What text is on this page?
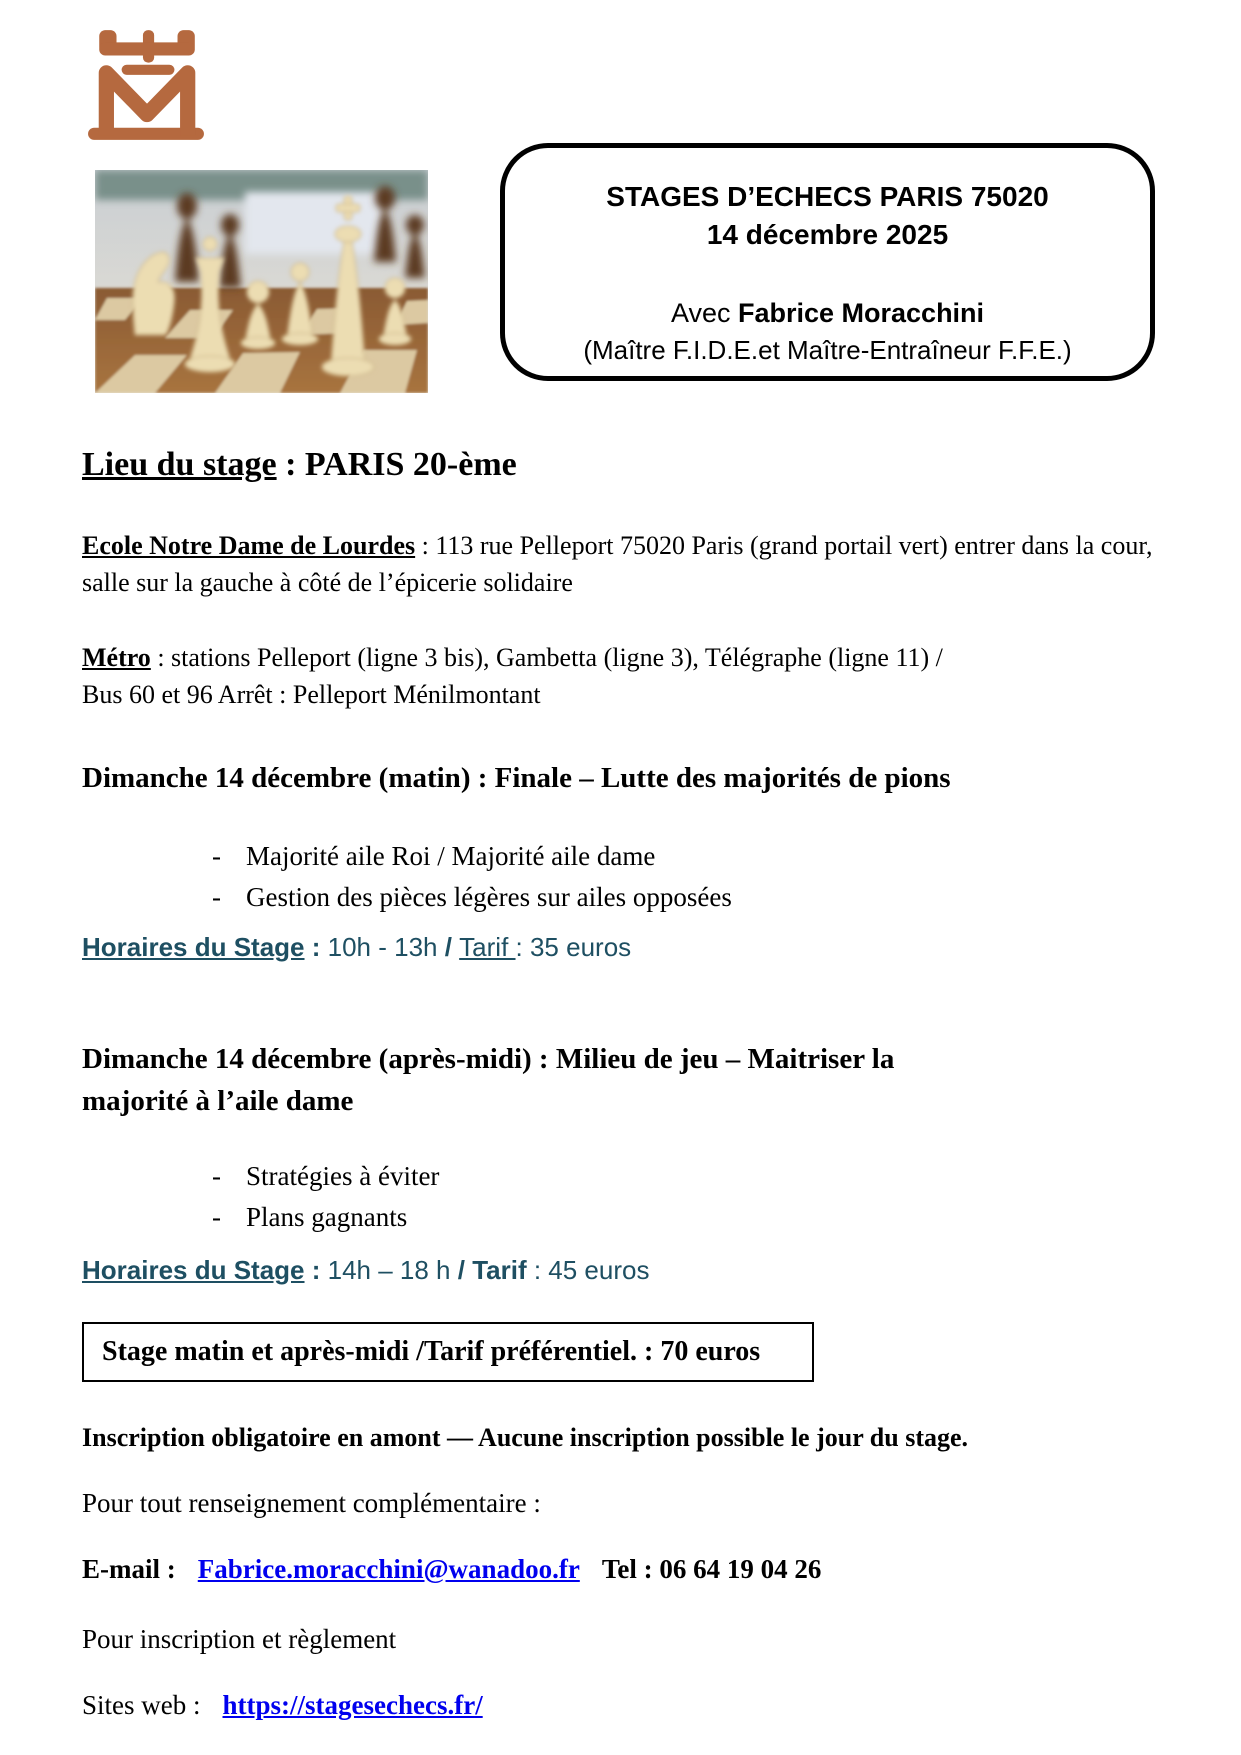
STAGES D’ECHECS PARIS 75020
14 décembre 2025
Avec Fabrice Moracchini
(Maître F.I.D.E.et Maître-Entraîneur F.F.E.)
Lieu du stage : PARIS 20-ème
Ecole Notre Dame de Lourdes : 113 rue Pelleport 75020 Paris (grand portail vert) entrer dans la cour, salle sur la gauche à côté de l’épicerie solidaire
Métro : stations Pelleport (ligne 3 bis), Gambetta (ligne 3), Télégraphe (ligne 11) /
Bus 60 et 96 Arrêt : Pelleport Ménilmontant
Dimanche 14 décembre (matin) : Finale – Lutte des majorités de pions
- Majorité aile Roi / Majorité aile dame
- Gestion des pièces légères sur ailes opposées
Horaires du Stage : 10h - 13h / Tarif : 35 euros
Dimanche 14 décembre (après-midi) : Milieu de jeu – Maitriser la majorité à l’aile dame
- Stratégies à éviter
- Plans gagnants
Horaires du Stage : 14h – 18 h / Tarif : 45 euros
Stage matin et après-midi /Tarif préférentiel. : 70 euros
Inscription obligatoire en amont — Aucune inscription possible le jour du stage.
Pour tout renseignement complémentaire :
E-mail : Fabrice.moracchini@wanadoo.fr Tel : 06 64 19 04 26
Pour inscription et règlement
Sites web : https://stagesechecs.fr/
